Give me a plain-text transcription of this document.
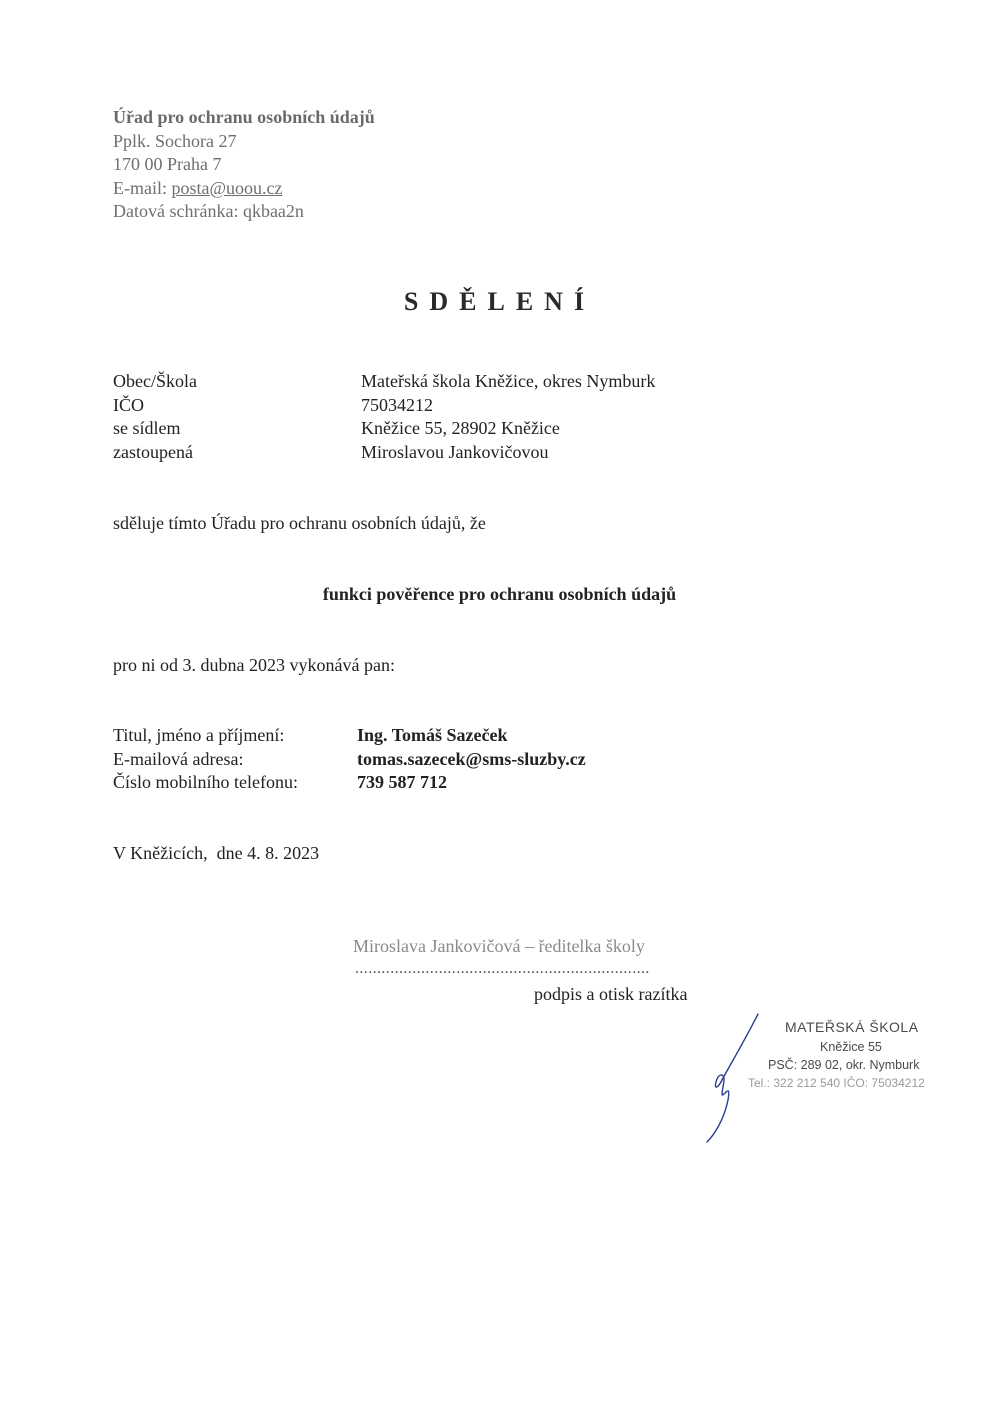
Úřad pro ochranu osobních údajů
Pplk. Sochora 27
170 00 Praha 7
E-mail: posta@uoou.cz
Datová schránka: qkbaa2n
SDĚLENÍ
Obec/Škola	Mateřská škola Kněžice, okres Nymburk
IČO	75034212
se sídlem	Kněžice 55, 28902 Kněžice
zastoupená	Miroslavou Jankovičovou
sděluje tímto Úřadu pro ochranu osobních údajů, že
funkci pověřence pro ochranu osobních údajů
pro ni od 3. dubna 2023 vykonává pan:
Titul, jméno a příjmení:	Ing. Tomáš Sazeček
E-mailová adresa:	tomas.sazecek@sms-sluzby.cz
Číslo mobilního telefonu:	739 587 712
V Kněžicích,  dne 4. 8. 2023
Miroslava Jankovičová – ředitelka školy
...................................................................
podpis a otisk razítka
MATEŘSKÁ ŠKOLA
Kněžice 55
PSČ: 289 02, okr. Nymburk
Tel.: 322 212 540 IČO: 75034212
